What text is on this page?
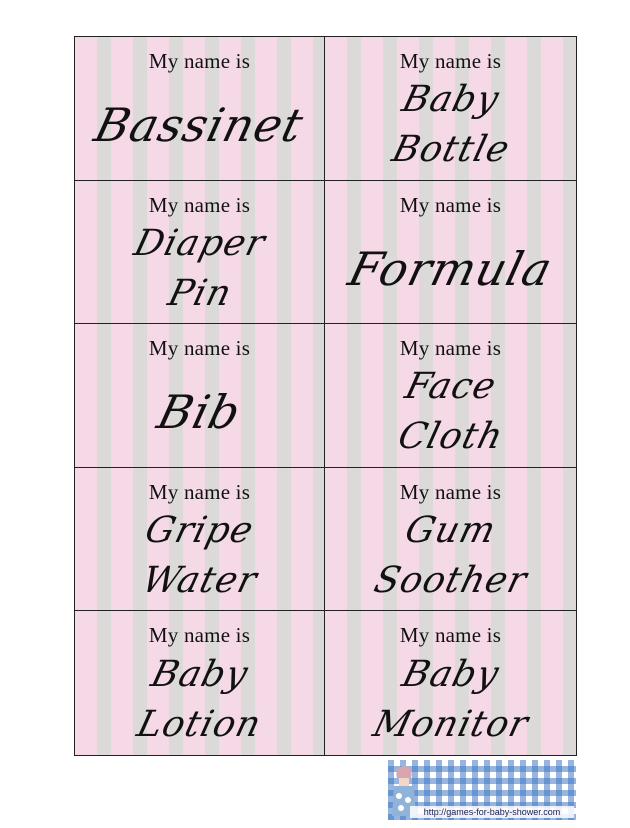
My name is
Bassinet
My name is
Baby
Bottle
My name is
Diaper
Pin
My name is
Formula
My name is
Bib
My name is
Face
Cloth
My name is
Gripe
Water
My name is
Gum
Soother
My name is
Baby
Lotion
My name is
Baby
Monitor
http://games-for-baby-shower.com
